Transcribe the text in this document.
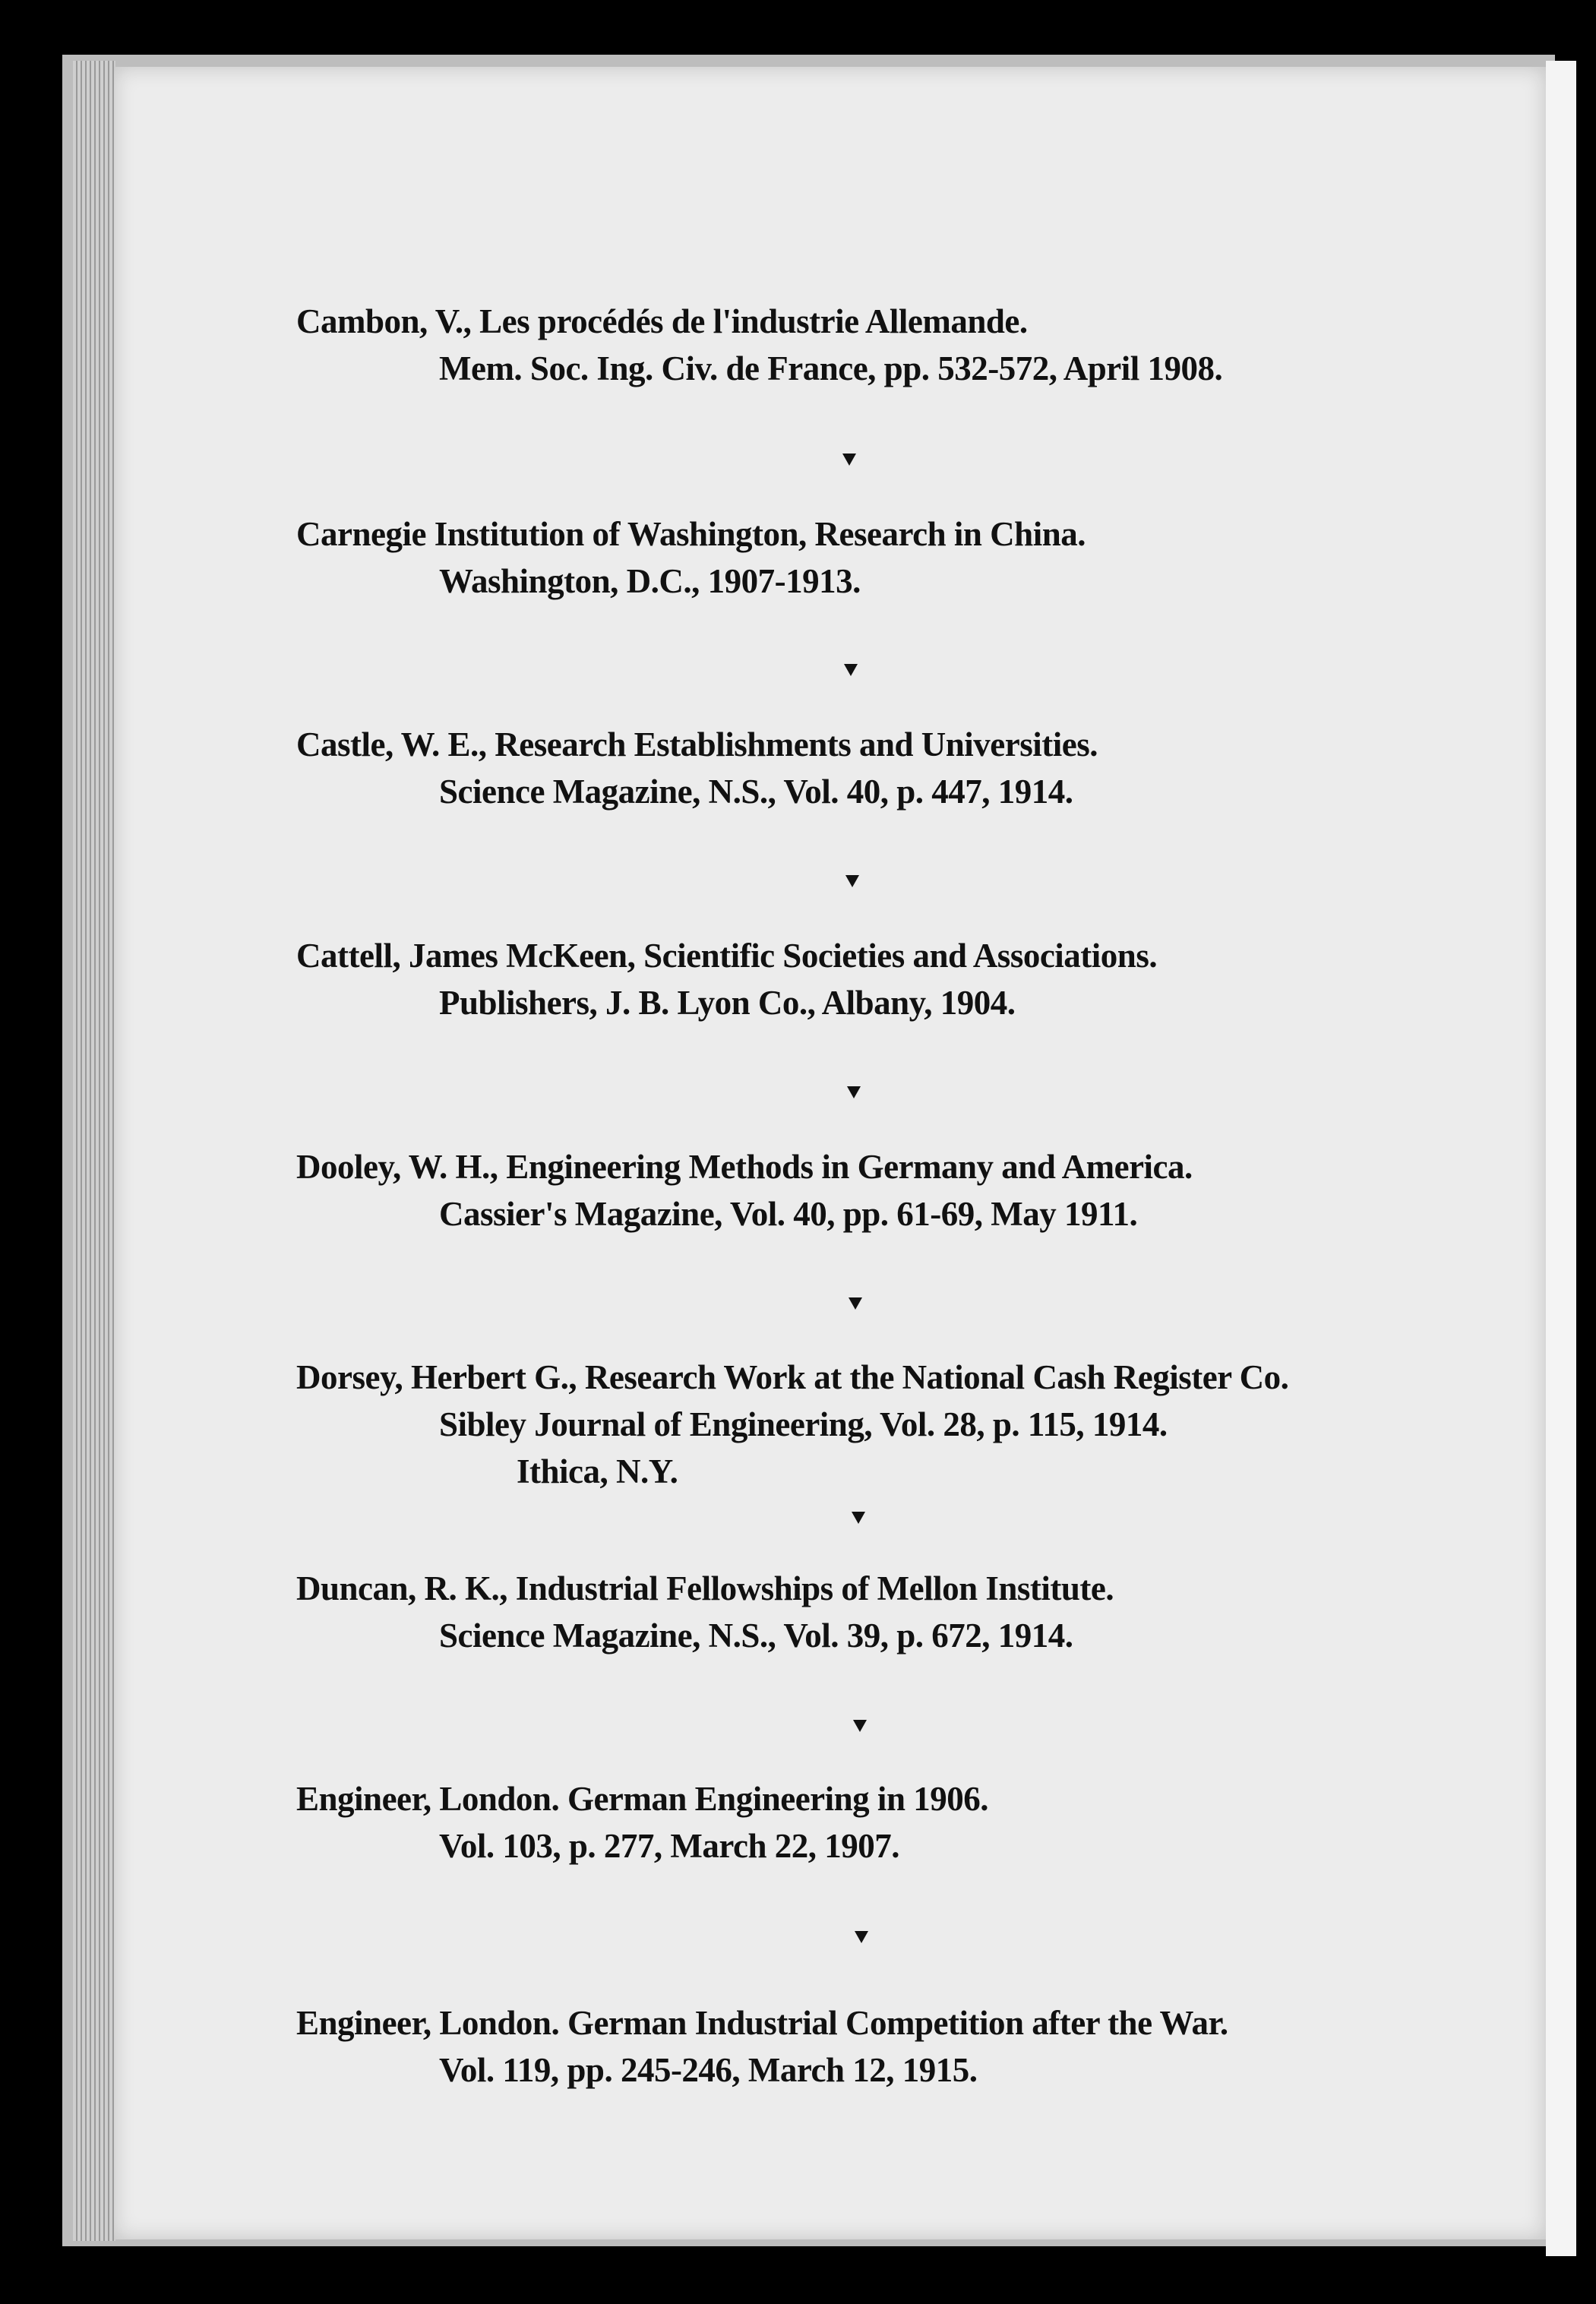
Cambon, V., Les procédés de l'industrie Allemande.
Mem. Soc. Ing. Civ. de France, pp. 532-572, April 1908.
Carnegie Institution of Washington, Research in China.
Washington, D.C., 1907-1913.
Castle, W. E., Research Establishments and Universities.
Science Magazine, N.S., Vol. 40, p. 447, 1914.
Cattell, James McKeen, Scientific Societies and Associations.
Publishers, J. B. Lyon Co., Albany, 1904.
Dooley, W. H., Engineering Methods in Germany and America.
Cassier's Magazine, Vol. 40, pp. 61-69, May 1911.
Dorsey, Herbert G., Research Work at the National Cash Register Co.
Sibley Journal of Engineering, Vol. 28, p. 115, 1914.
Ithica, N.Y.
Duncan, R. K., Industrial Fellowships of Mellon Institute.
Science Magazine, N.S., Vol. 39, p. 672, 1914.
Engineer, London. German Engineering in 1906.
Vol. 103, p. 277, March 22, 1907.
Engineer, London. German Industrial Competition after the War.
Vol. 119, pp. 245-246, March 12, 1915.
